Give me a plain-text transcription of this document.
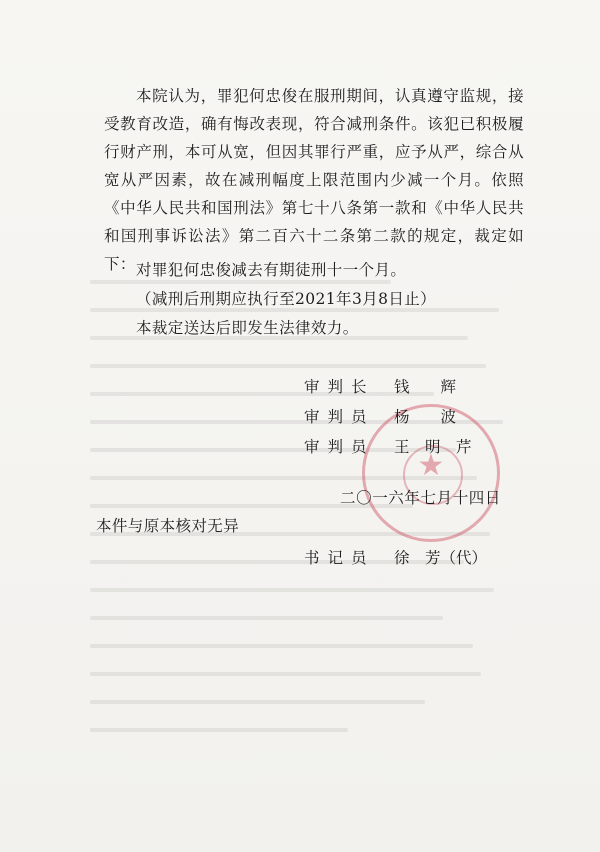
本院认为，罪犯何忠俊在服刑期间，认真遵守监规，接受教育改造，确有悔改表现，符合减刑条件。该犯已积极履行财产刑，本可从宽，但因其罪行严重，应予从严，综合从宽从严因素，故在减刑幅度上限范围内少减一个月。依照《中华人民共和国刑法》第七十八条第一款和《中华人民共和国刑事诉讼法》第二百六十二条第二款的规定，裁定如下： 对罪犯何忠俊减去有期徒刑十一个月。
（减刑后刑期应执行至2021年3月8日止）
本裁定送达后即发生法律效力。
★
审判长 钱　　辉
审判员 杨　　波
审判员 王　明　芹
二〇一六年七月十四日
本件与原本核对无异
书记员 徐　芳（代）
